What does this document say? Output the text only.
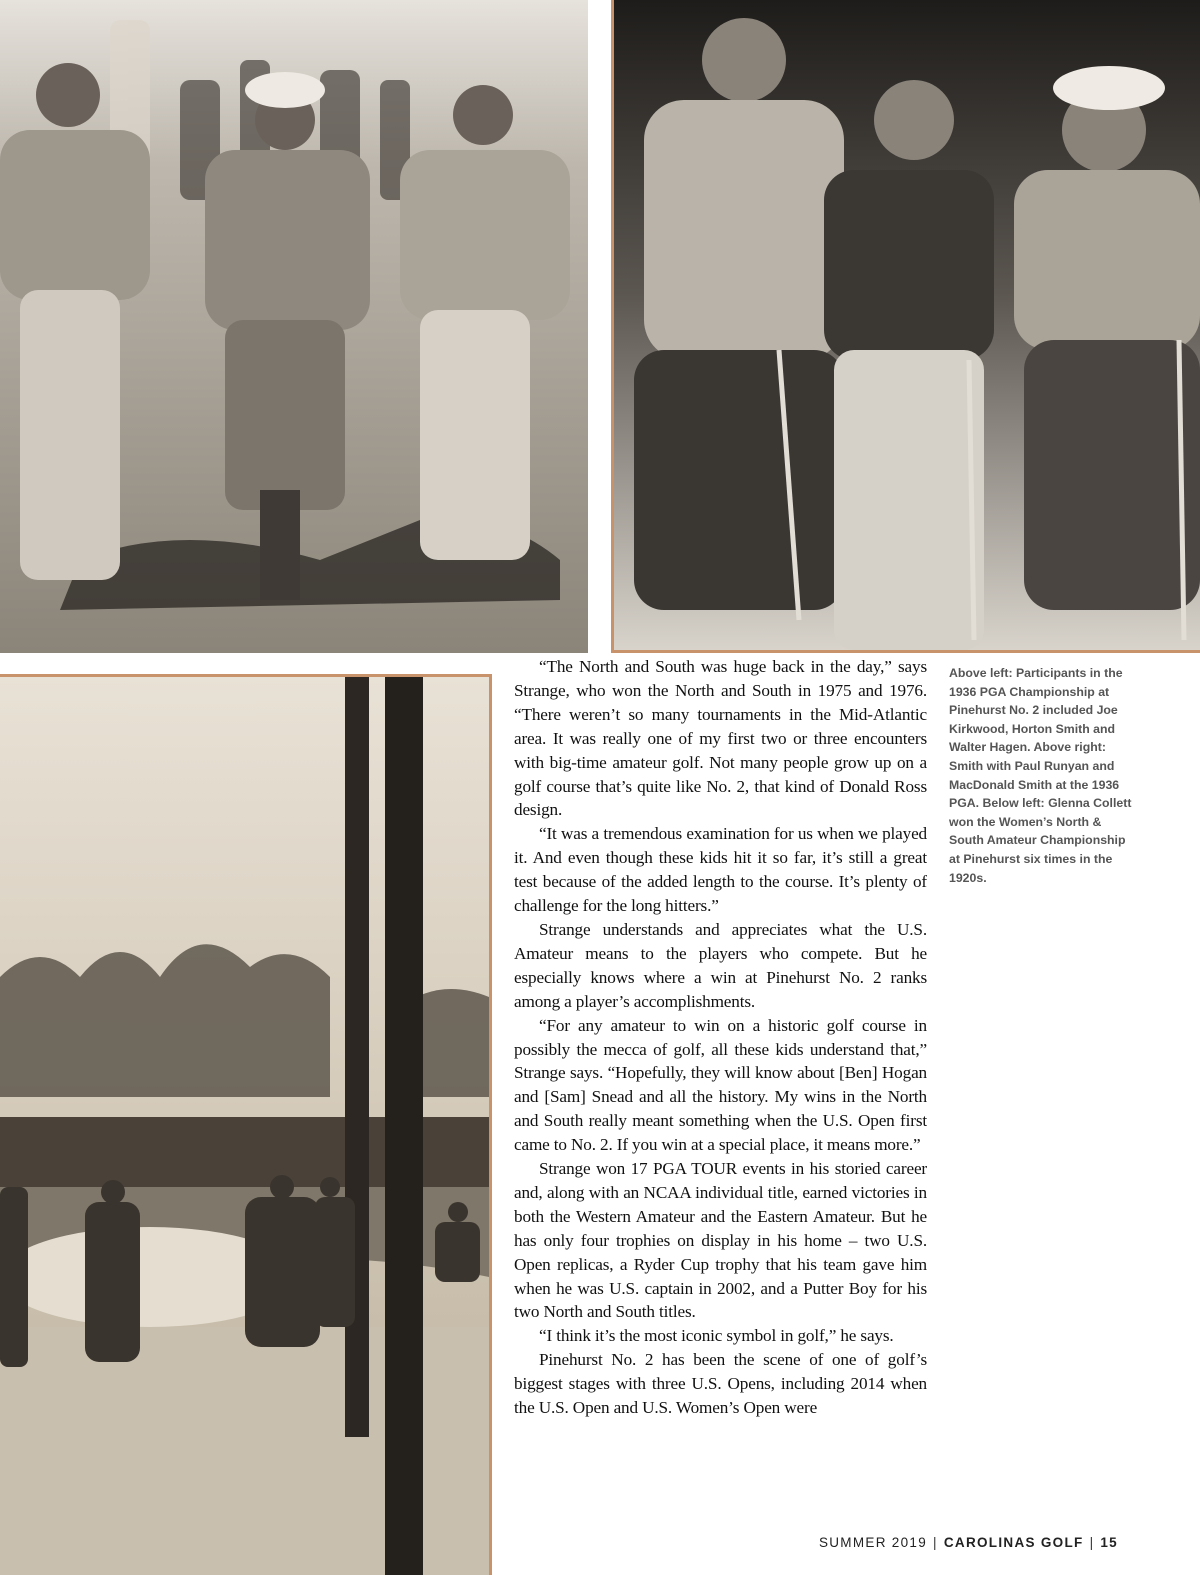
“The North and South was huge back in the day,” says Strange, who won the North and South in 1975 and 1976. “There weren’t so many tournaments in the Mid-Atlantic area. It was really one of my first two or three encounters with big-time amateur golf. Not many people grow up on a golf course that’s quite like No. 2, that kind of Donald Ross design.

“It was a tremendous examination for us when we played it. And even though these kids hit it so far, it’s still a great test because of the added length to the course. It’s plenty of challenge for the long hitters.”

Strange understands and appreciates what the U.S. Amateur means to the players who compete. But he especially knows where a win at Pinehurst No. 2 ranks among a player’s accomplishments.

“For any amateur to win on a historic golf course in possibly the mecca of golf, all these kids understand that,” Strange says. “Hopefully, they will know about [Ben] Hogan and [Sam] Snead and all the history. My wins in the North and South really meant something when the U.S. Open first came to No. 2. If you win at a special place, it means more.”

Strange won 17 PGA TOUR events in his storied career and, along with an NCAA individual title, earned victories in both the Western Amateur and the Eastern Amateur. But he has only four trophies on display in his home – two U.S. Open replicas, a Ryder Cup trophy that his team gave him when he was U.S. captain in 2002, and a Putter Boy for his two North and South titles.

“I think it’s the most iconic symbol in golf,” he says.

Pinehurst No. 2 has been the scene of one of golf’s biggest stages with three U.S. Opens, including 2014 when the U.S. Open and U.S. Women’s Open were

Above left: Participants in the 1936 PGA Championship at Pinehurst No. 2 included Joe Kirkwood, Horton Smith and Walter Hagen. Above right: Smith with Paul Runyan and MacDonald Smith at the 1936 PGA. Below left: Glenna Collett won the Women’s North & South Amateur Championship at Pinehurst six times in the 1920s.
SUMMER 2019 | CAROLINAS GOLF | 15
